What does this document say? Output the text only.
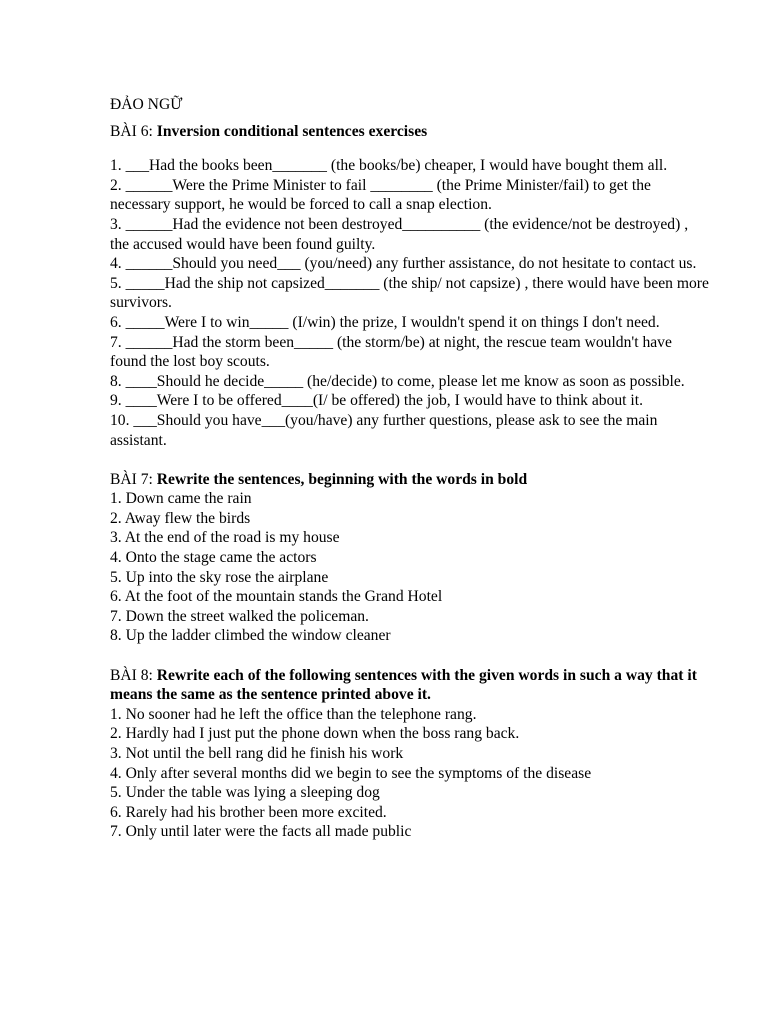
ĐẢO NGỮ

BÀI 6: Inversion conditional sentences exercises

1. ___Had the books been_______ (the books/be) cheaper, I would have bought them all.

2. ______Were the Prime Minister to fail ________ (the Prime Minister/fail) to get the necessary support, he would be forced to call a snap election.

3. ______Had the evidence not been destroyed__________ (the evidence/not be destroyed) , the accused would have been found guilty.

4. ______Should you need___ (you/need) any further assistance, do not hesitate to contact us.

5. _____Had the ship not capsized_______ (the ship/ not capsize) , there would have been more survivors.

6. _____Were I to win_____ (I/win) the prize, I wouldn't spend it on things I don't need.

7. ______Had the storm been_____ (the storm/be) at night, the rescue team wouldn't have found the lost boy scouts.

8. ____Should he decide_____ (he/decide) to come, please let me know as soon as possible.

9. ____Were I to be offered____(I/ be offered) the job, I would have to think about it.

10. ___Should you have___(you/have) any further questions, please ask to see the main assistant.

BÀI 7: Rewrite the sentences, beginning with the words in bold

1. Down came the rain

2. Away flew the birds

3. At the end of the road is my house

4. Onto the stage came the actors

5. Up into the sky rose the airplane

6. At the foot of the mountain stands the Grand Hotel

7. Down the street walked the policeman.

8. Up the ladder climbed the window cleaner

BÀI 8: Rewrite each of the following sentences with the given words in such a way that it means the same as the sentence printed above it.

1. No sooner had he left the office than the telephone rang.

2. Hardly had I just put the phone down when the boss rang back.

3. Not until the bell rang did he finish his work

4. Only after several months did we begin to see the symptoms of the disease

5. Under the table was lying a sleeping dog

6. Rarely had his brother been more excited.

7. Only until later were the facts all made public
